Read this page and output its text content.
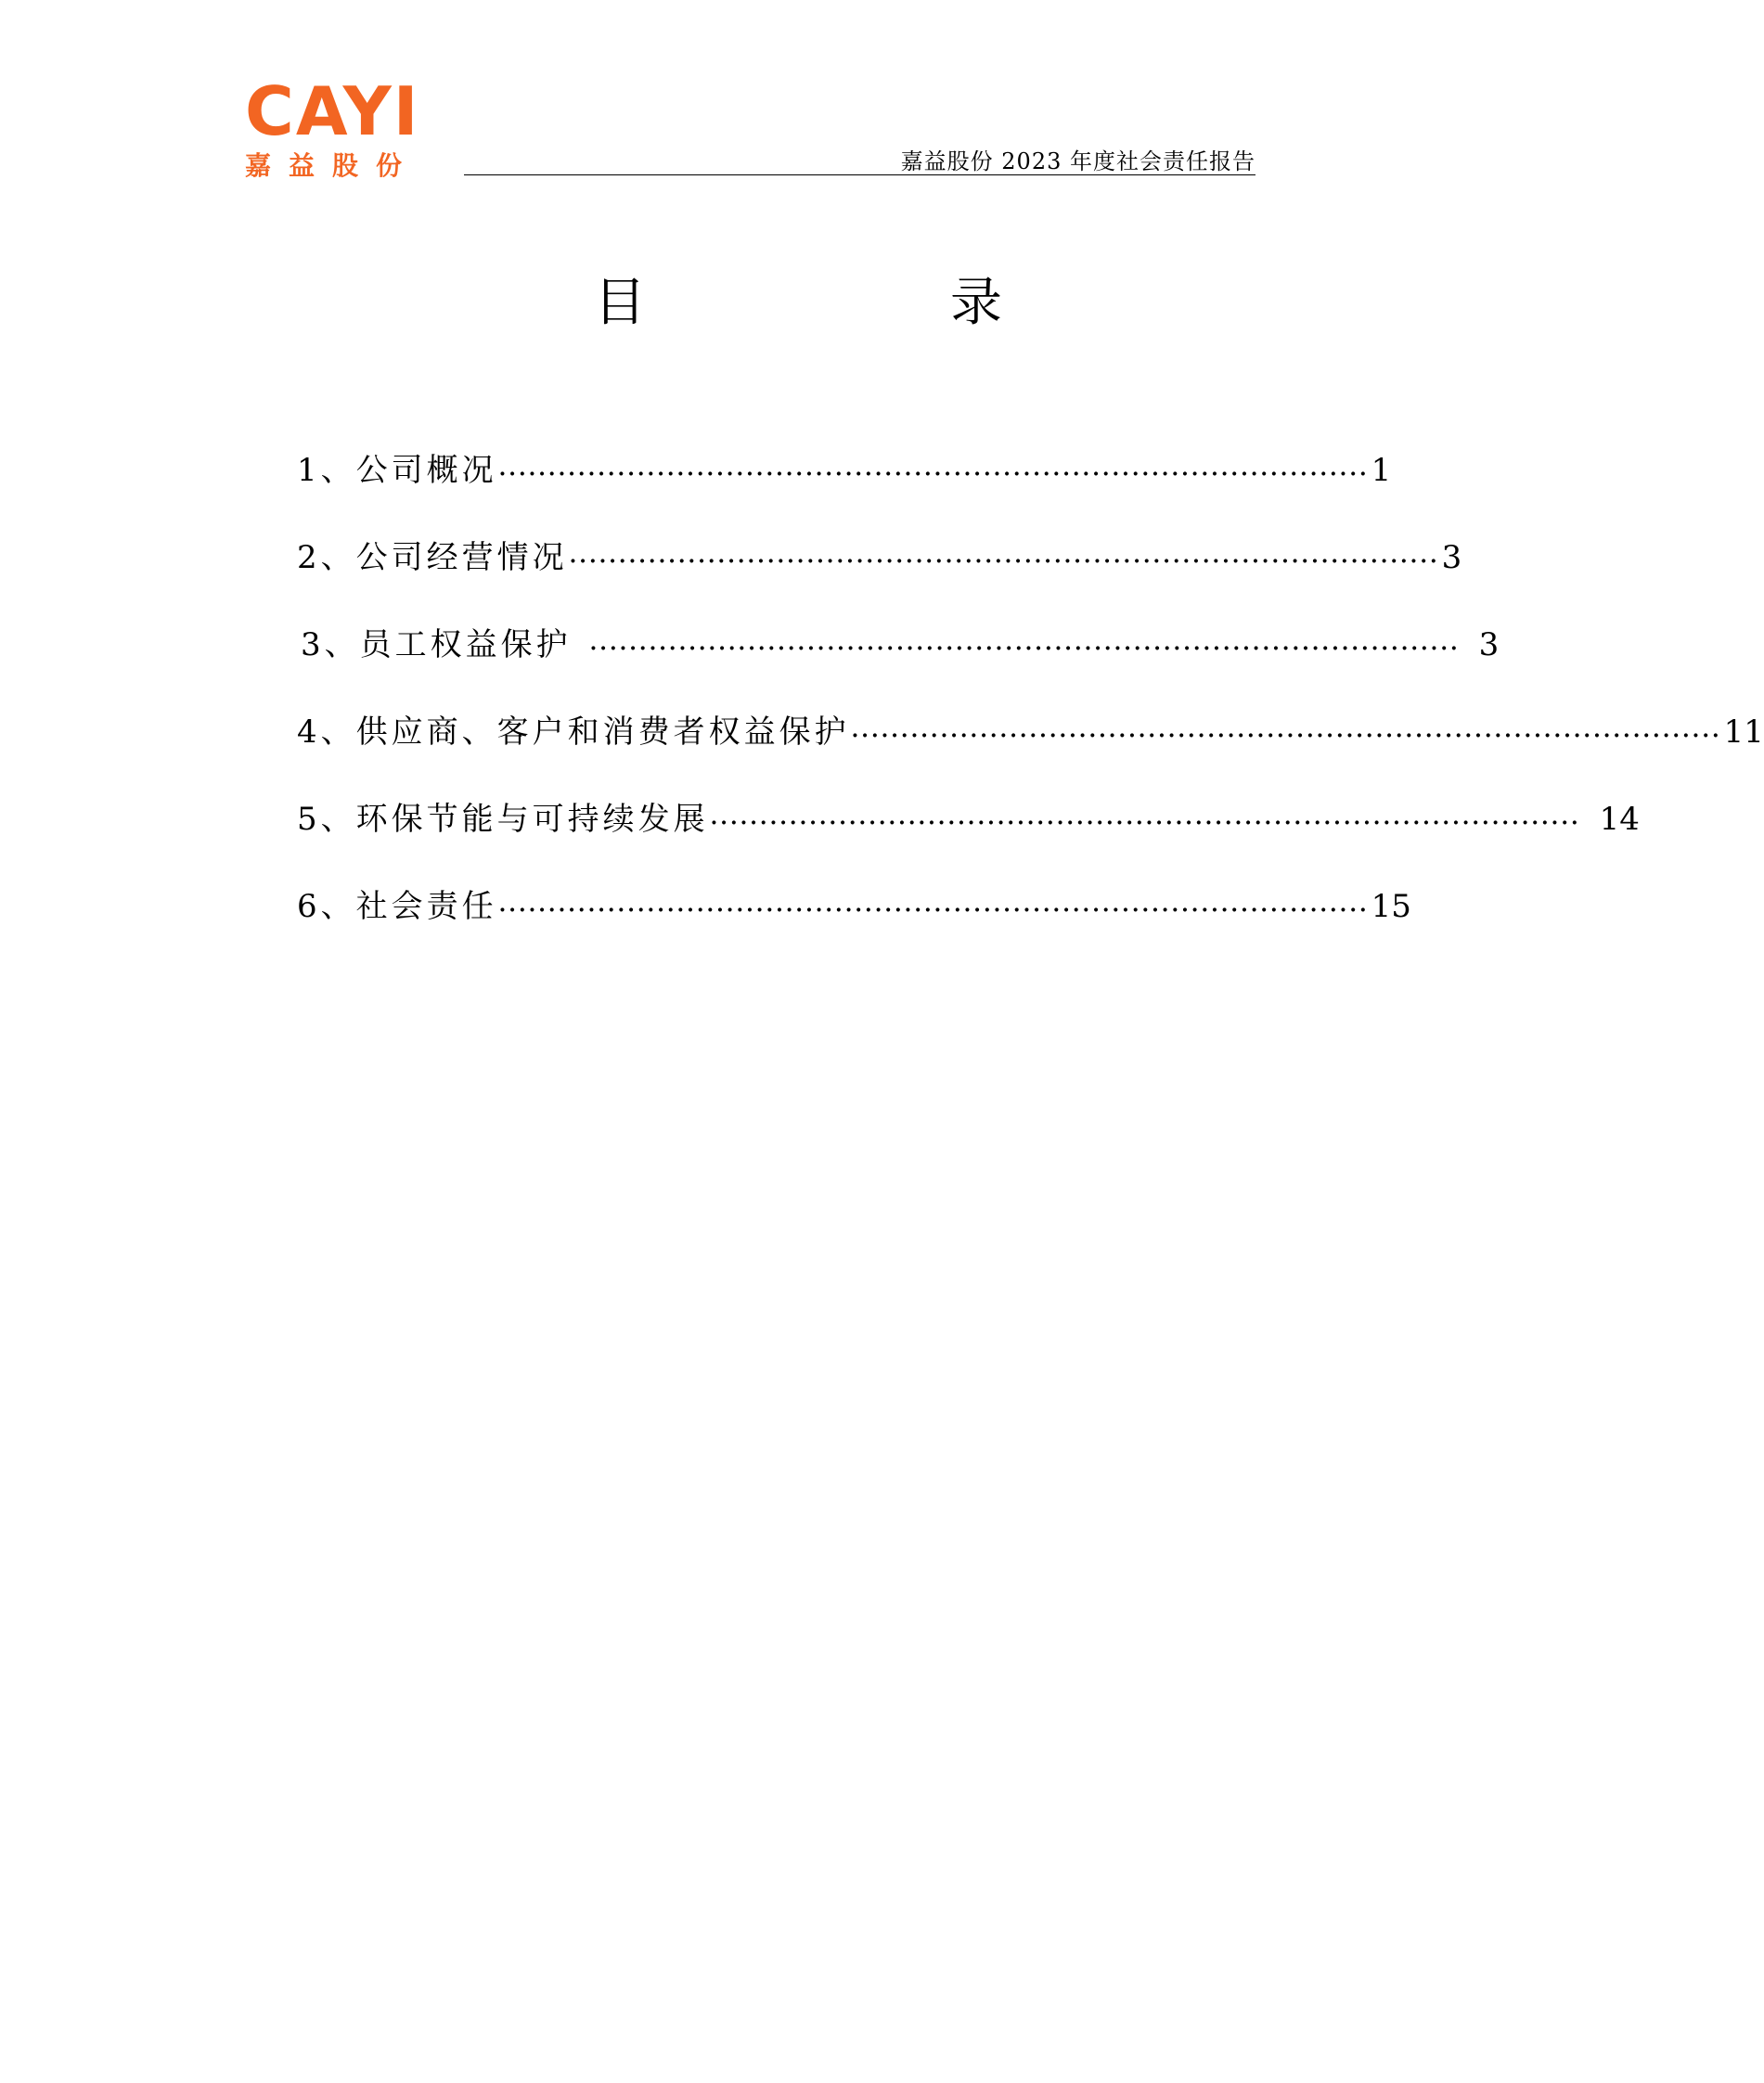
CAYI
嘉益股份	嘉益股份 2023 年度社会责任报告
目	录
1、公司概况 ························································································ 1
2、公司经营情况 ························································································ 3
3、员工权益保护 ························································································ 3
4、供应商、客户和消费者权益保护 ························································································ 11
5、环保节能与可持续发展 ························································································ 14
6、社会责任 ························································································ 15
